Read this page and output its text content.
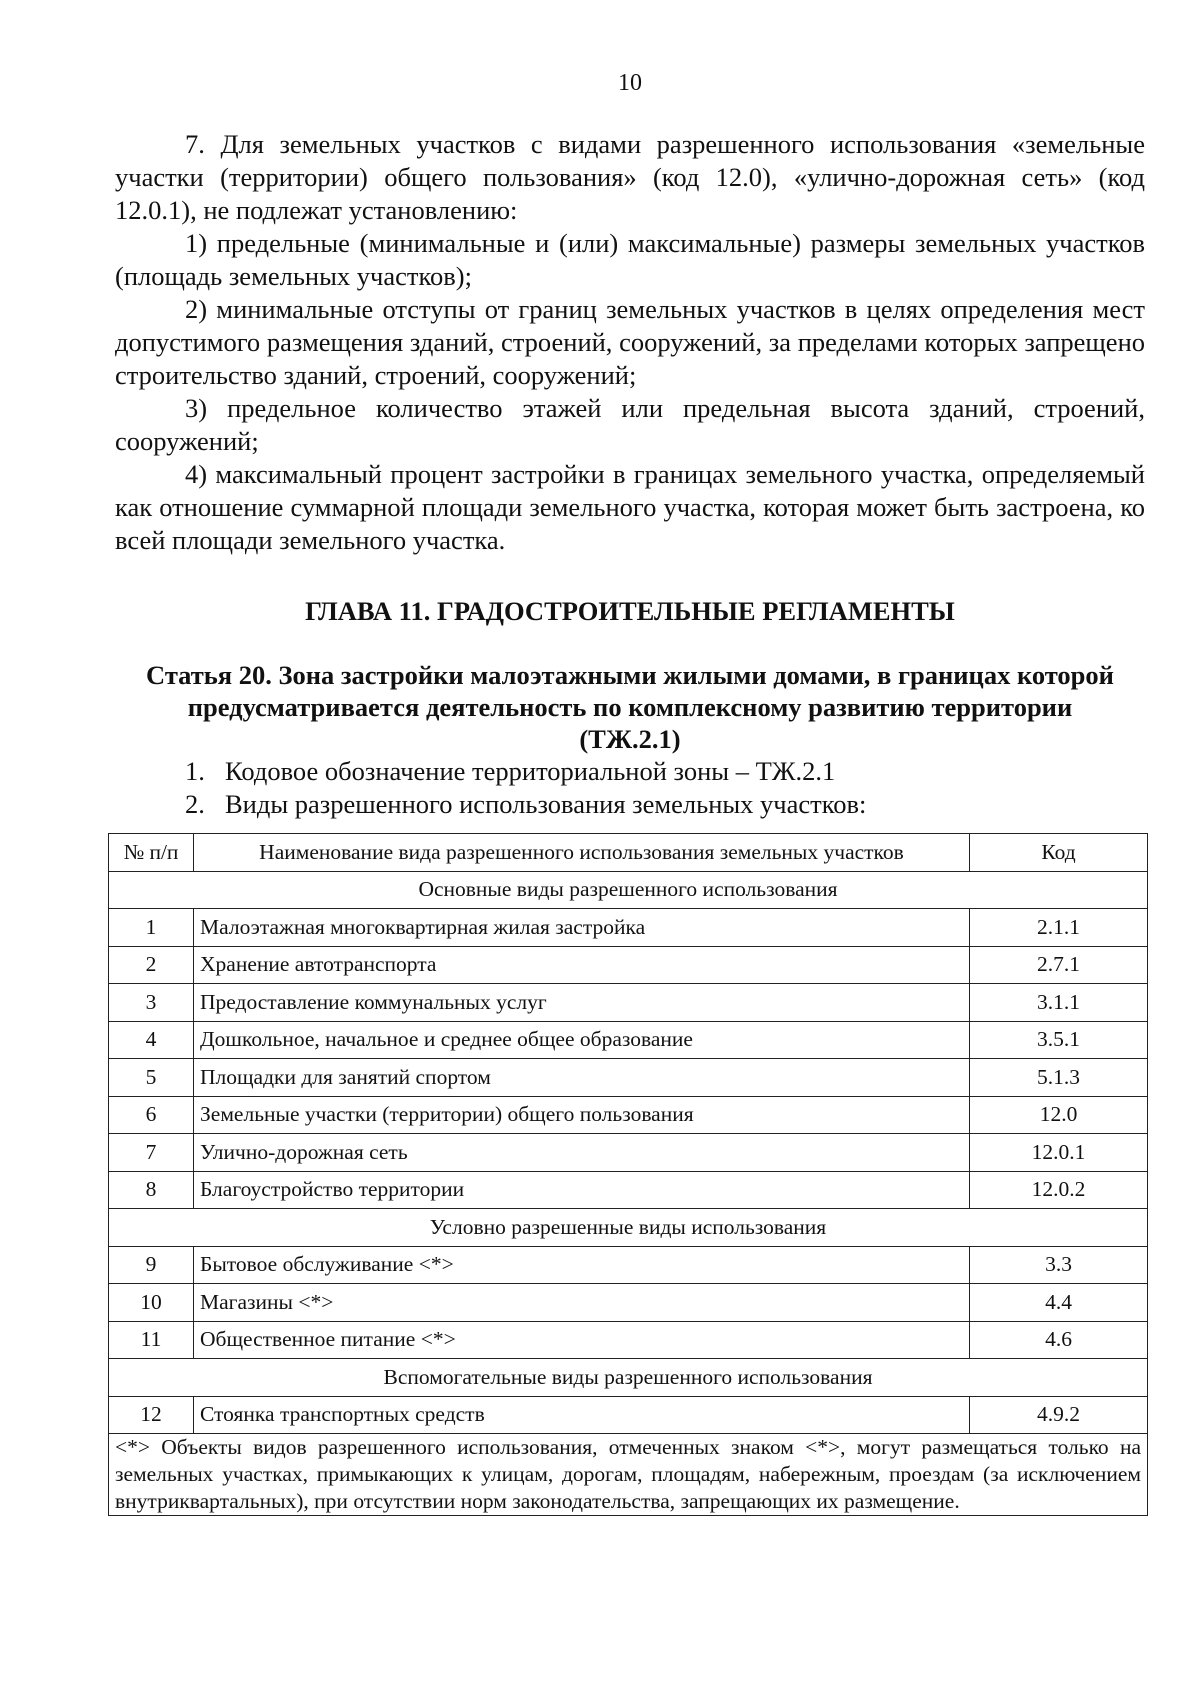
10

7. Для земельных участков с видами разрешенного использования «земельные участки (территории) общего пользования» (код 12.0), «улично-дорожная сеть» (код 12.0.1), не подлежат установлению:

1) предельные (минимальные и (или) максимальные) размеры земельных участков (площадь земельных участков);

2) минимальные отступы от границ земельных участков в целях определения мест допустимого размещения зданий, строений, сооружений, за пределами которых запрещено строительство зданий, строений, сооружений;

3) предельное количество этажей или предельная высота зданий, строений, сооружений;

4) максимальный процент застройки в границах земельного участка, определяемый как отношение суммарной площади земельного участка, которая может быть застроена, ко всей площади земельного участка.

ГЛАВА 11. ГРАДОСТРОИТЕЛЬНЫЕ РЕГЛАМЕНТЫ
Статья 20. Зона застройки малоэтажными жилыми домами, в границах которой предусматривается деятельность по комплексному развитию территории (ТЖ.2.1)

1. Кодовое обозначение территориальной зоны – ТЖ.2.1

2. Виды разрешенного использования земельных участков:

№ п/п	Наименование вида разрешенного использования земельных участков	Код
Основные виды разрешенного использования		
1	Малоэтажная многоквартирная жилая застройка	2.1.1
2	Хранение автотранспорта	2.7.1
3	Предоставление коммунальных услуг	3.1.1
4	Дошкольное, начальное и среднее общее образование	3.5.1
5	Площадки для занятий спортом	5.1.3
6	Земельные участки (территории) общего пользования	12.0
7	Улично-дорожная сеть	12.0.1
8	Благоустройство территории	12.0.2
Условно разрешенные виды использования		
9	Бытовое обслуживание <*>	3.3
10	Магазины <*>	4.4
11	Общественное питание <*>	4.6
Вспомогательные виды разрешенного использования		
12	Стоянка транспортных средств	4.9.2
<*> Объекты видов разрешенного использования, отмеченных знаком <*>, могут размещаться только на земельных участках, примыкающих к улицам, дорогам, площадям, набережным, проездам (за исключением внутриквартальных), при отсутствии норм законодательства, запрещающих их размещение.		
